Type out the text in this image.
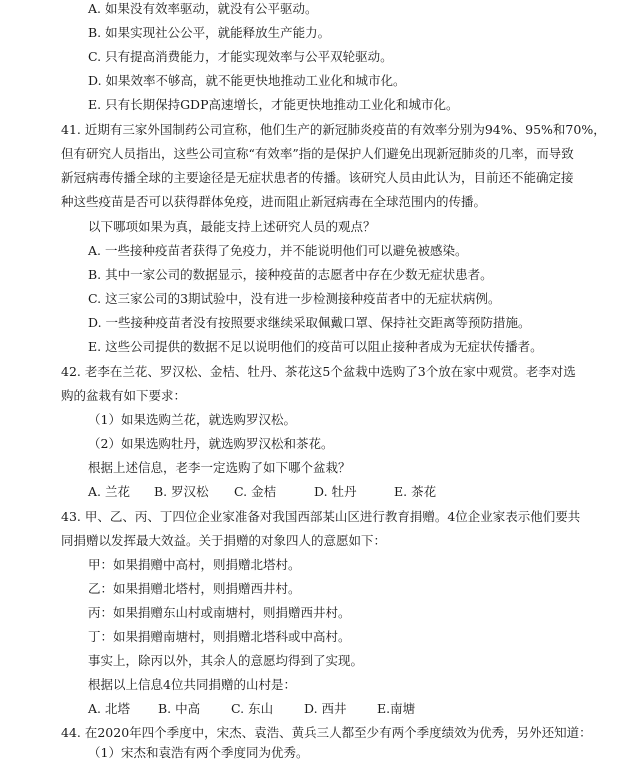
A. 如果没有效率驱动，就没有公平驱动。
B. 如果实现社公公平，就能释放生产能力。
C. 只有提高消费能力，才能实现效率与公平双轮驱动。
D. 如果效率不够高，就不能更快地推动工业化和城市化。
E. 只有长期保持GDP高速增长，才能更快地推动工业化和城市化。
41. 近期有三家外国制药公司宣称，他们生产的新冠肺炎疫苗的有效率分别为94%、95%和70%，
但有研究人员指出，这些公司宣称“有效率”指的是保护人们避免出现新冠肺炎的几率，而导致
新冠病毒传播全球的主要途径是无症状患者的传播。该研究人员由此认为，目前还不能确定接
种这些疫苗是否可以获得群体免疫，进而阻止新冠病毒在全球范围内的传播。
以下哪项如果为真，最能支持上述研究人员的观点？
A. 一些接种疫苗者获得了免疫力，并不能说明他们可以避免被感染。
B. 其中一家公司的数据显示，接种疫苗的志愿者中存在少数无症状患者。
C. 这三家公司的3期试验中，没有进一步检测接种疫苗者中的无症状病例。
D. 一些接种疫苗者没有按照要求继续采取佩戴口罩、保持社交距离等预防措施。
E. 这些公司提供的数据不足以说明他们的疫苗可以阻止接种者成为无症状传播者。
42. 老李在兰花、罗汉松、金桔、牡丹、茶花这5个盆栽中选购了3个放在家中观赏。老李对选
购的盆栽有如下要求：
（1）如果选购兰花，就选购罗汉松。
（2）如果选购牡丹，就选购罗汉松和茶花。
根据上述信息，老李一定选购了如下哪个盆栽？
A. 兰花 B. 罗汉松 C. 金桔	D. 牡丹	E. 茶花
43. 甲、乙、丙、丁四位企业家准备对我国西部某山区进行教育捐赠。4位企业家表示他们要共
同捐赠以发挥最大效益。关于捐赠的对象四人的意愿如下：
甲：如果捐赠中高村，则捐赠北塔村。
乙：如果捐赠北塔村，则捐赠西井村。
丙：如果捐赠东山村或南塘村，则捐赠西井村。
丁：如果捐赠南塘村，则捐赠北塔科或中高村。
事实上，除丙以外，其余人的意愿均得到了实现。
根据以上信息4位共同捐赠的山村是：
A. 北塔 B. 中高 C. 东山 D. 西井 E.南塘
44. 在2020年四个季度中，宋杰、袁浩、黄兵三人都至少有两个季度绩效为优秀，另外还知道：
（1）宋杰和袁浩有两个季度同为优秀。
